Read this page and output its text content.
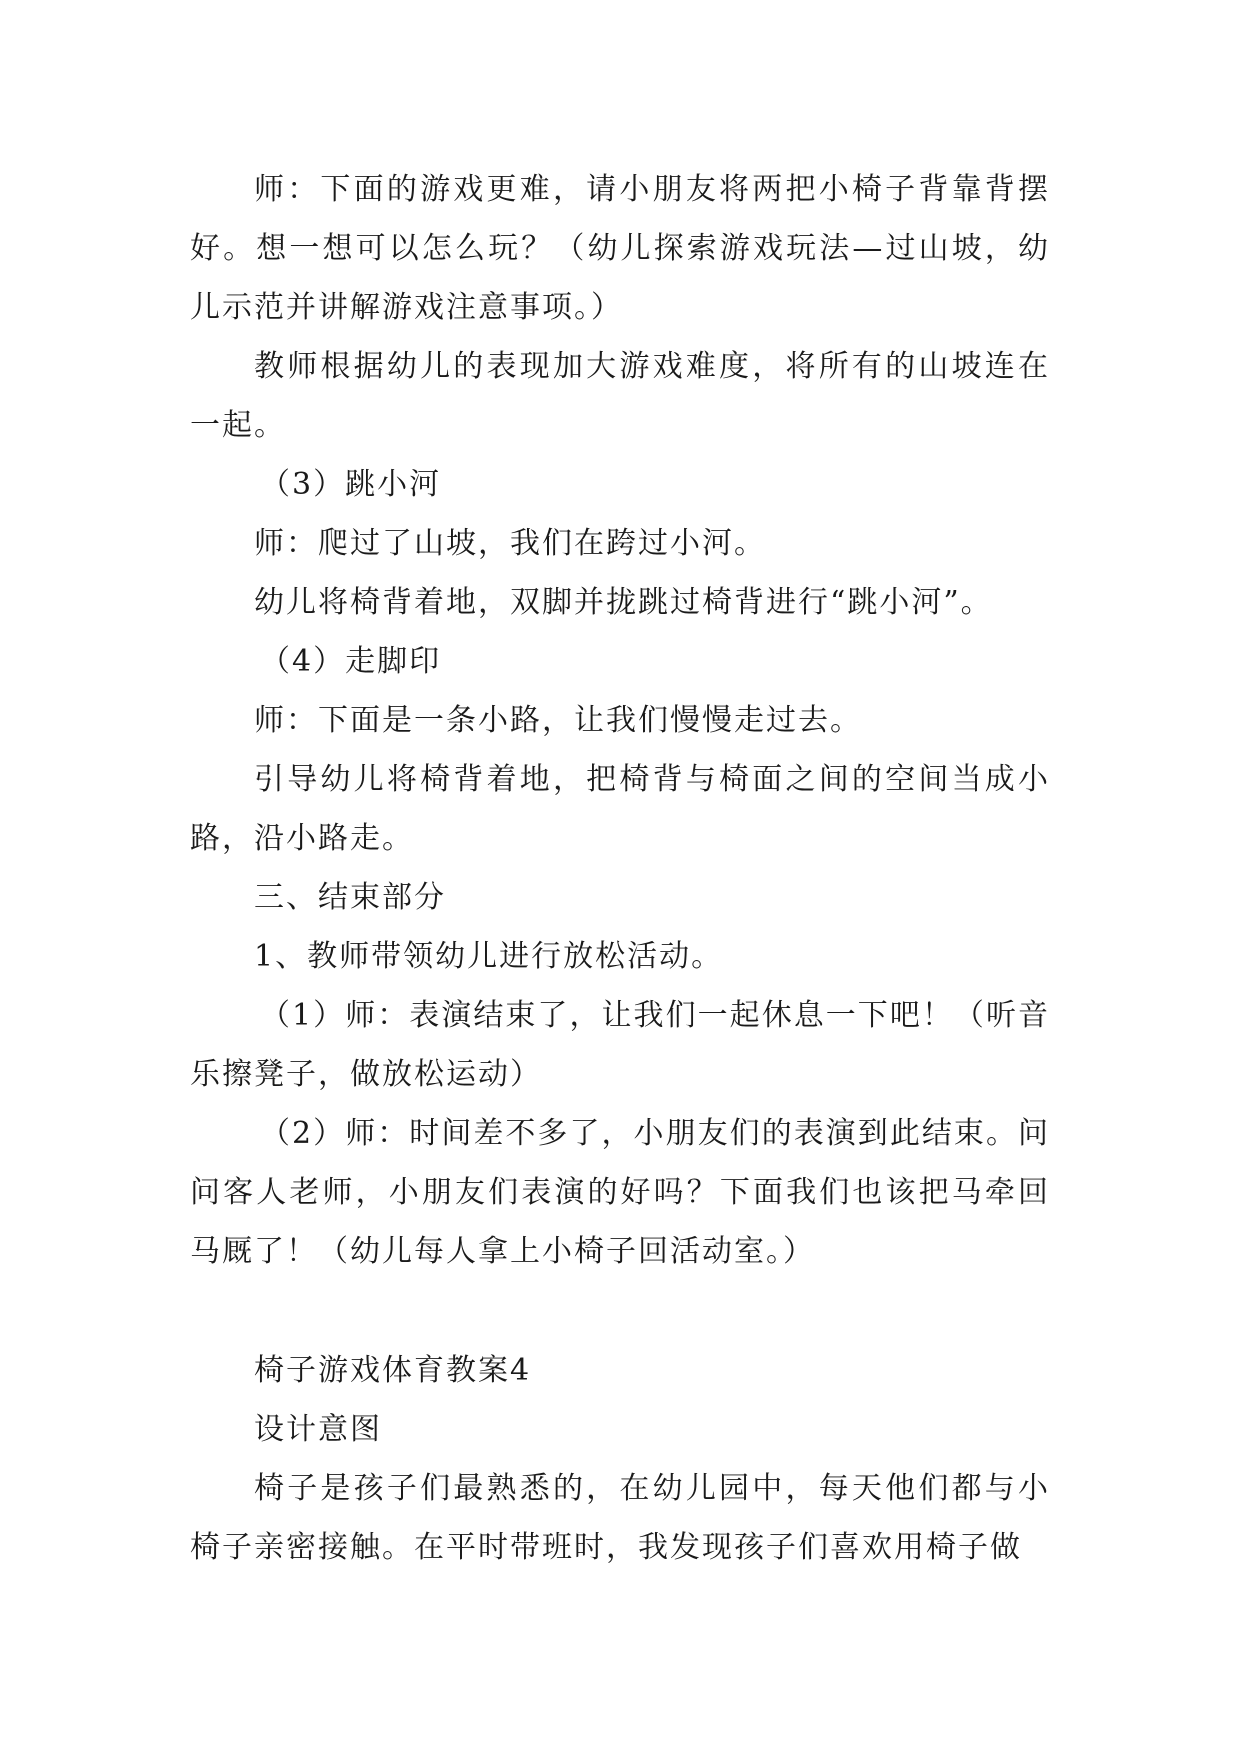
师：下面的游戏更难，请小朋友将两把小椅子背靠背摆好。想一想可以怎么玩？（幼儿探索游戏玩法—过山坡，幼儿示范并讲解游戏注意事项。）

教师根据幼儿的表现加大游戏难度，将所有的山坡连在一起。

（3）跳小河

师：爬过了山坡，我们在跨过小河。

幼儿将椅背着地，双脚并拢跳过椅背进行“跳小河”。

（4）走脚印

师：下面是一条小路，让我们慢慢走过去。

引导幼儿将椅背着地，把椅背与椅面之间的空间当成小路，沿小路走。

三、结束部分

1、教师带领幼儿进行放松活动。

（1）师：表演结束了，让我们一起休息一下吧！（听音乐擦凳子，做放松运动）

（2）师：时间差不多了，小朋友们的表演到此结束。问问客人老师，小朋友们表演的好吗？下面我们也该把马牵回马厩了！（幼儿每人拿上小椅子回活动室。）

椅子游戏体育教案4

设计意图

椅子是孩子们最熟悉的，在幼儿园中，每天他们都与小椅子亲密接触。在平时带班时，我发现孩子们喜欢用椅子做
